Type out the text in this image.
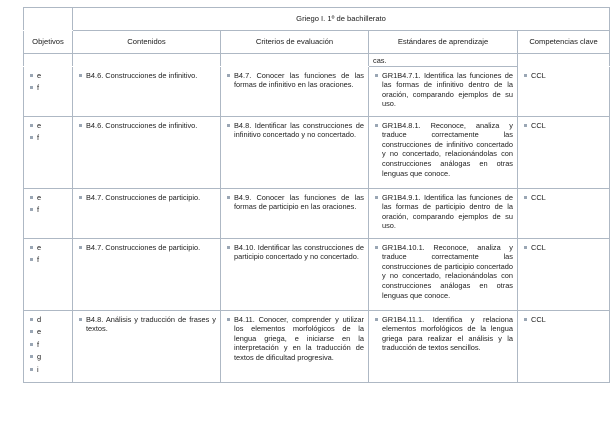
	Griego I. 1º de bachillerato		
Objetivos	Contenidos	Criterios de evaluación	Estándares de aprendizaje	Competencias clave

			cas.	

e
f	B4.6. Construcciones de infinitivo.	B4.7. Conocer las funciones de las formas de infinitivo en las oraciones.	GR1B4.7.1. Identifica las funciones de las formas de infinitivo dentro de la oración, comparando ejemplos de su uso.	CCL

e
f	B4.6. Construcciones de infinitivo.	B4.8. Identificar las construcciones de infinitivo concertado y no concertado.	GR1B4.8.1. Reconoce, analiza y traduce correctamente las construcciones de infinitivo concertado y no concertado, relacionándolas con construcciones análogas en otras lenguas que conoce.	CCL

e
f	B4.7. Construcciones de participio.	B4.9. Conocer las funciones de las formas de participio en las oraciones.	GR1B4.9.1. Identifica las funciones de las formas de participio dentro de la oración, comparando ejemplos de su uso.	CCL

e
f	B4.7. Construcciones de participio.	B4.10. Identificar las construcciones de participio concertado y no concertado.	GR1B4.10.1. Reconoce, analiza y traduce correctamente las construcciones de participio concertado y no concertado, relacionándolas con construcciones análogas en otras lenguas que conoce.	CCL

d
e
f
g
i	B4.8. Análisis y traducción de frases y textos.	B4.11. Conocer, comprender y utilizar los elementos morfológicos de la lengua griega, e iniciarse en la interpretación y en la traducción de textos de dificultad progresiva.	GR1B4.11.1. Identifica y relaciona elementos morfológicos de la lengua griega para realizar el análisis y la traducción de textos sencillos.	CCL
